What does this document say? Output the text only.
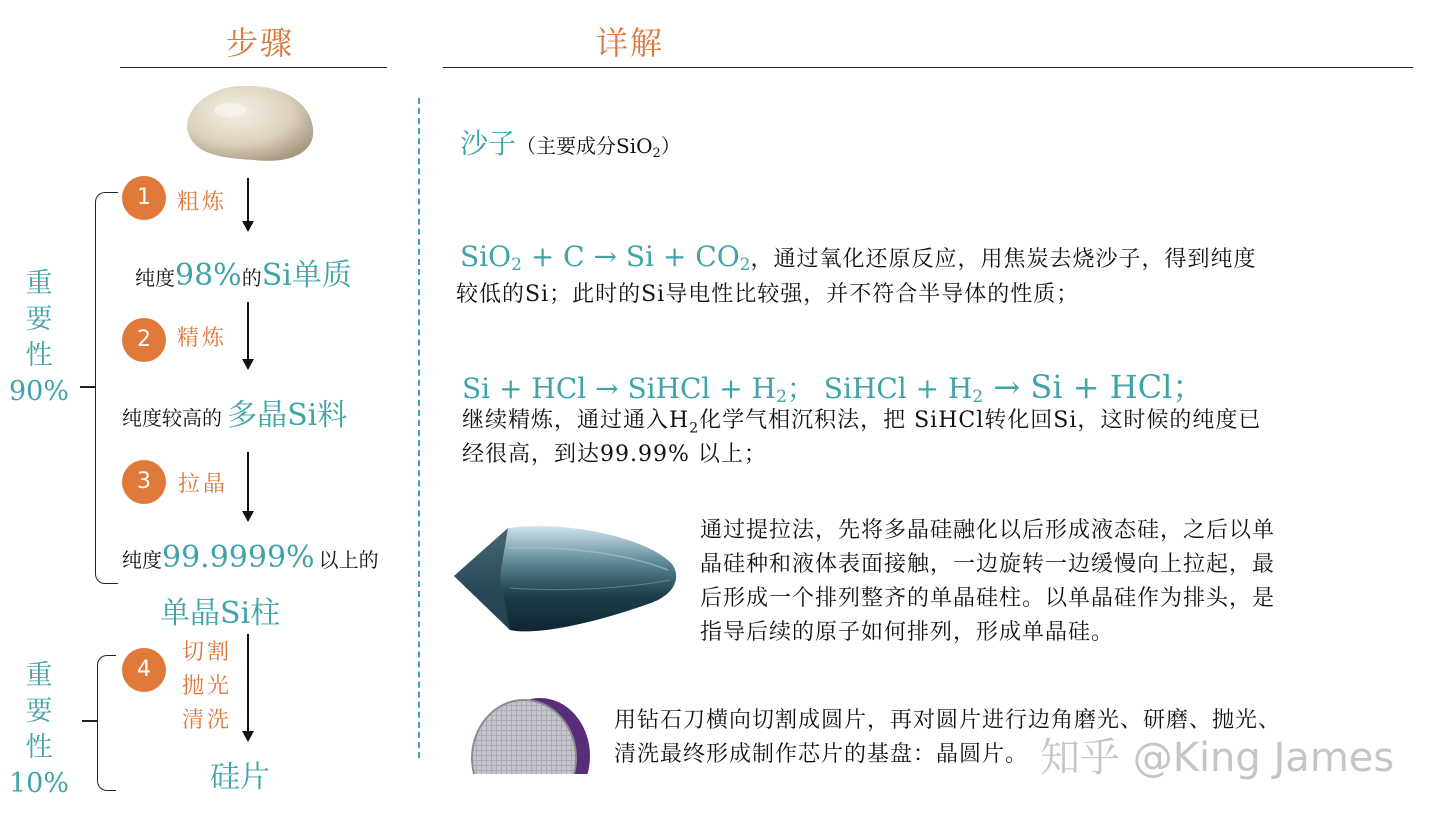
步骤	详解
1	粗炼
纯度98%的Si单质
2	精炼
纯度较高的 多晶Si料
3	拉晶
纯度99.9999% 以上的
单晶Si柱
4
切割
抛光
清洗
硅片
重
要
性
90%
重
要
性
10%
沙子（主要成分SiO$_2$）
$SiO_2 + C \to Si + CO_2$，通过氧化还原反应，用焦炭去烧沙子，得到纯度
较低的Si；此时的Si导电性比较强，并不符合半导体的性质；
Si + HCl → SiHCl + $H_2$； SiHCl + $H_2 \to Si$ + HCl；
继续精炼，通过通入$H_2$化学气相沉积法，把 SiHCl转化回Si，这时候的纯度已
经很高，到达99.99% 以上；
通过提拉法，先将多晶硅融化以后形成液态硅，之后以单
晶硅种和液体表面接触，一边旋转一边缓慢向上拉起，最
后形成一个排列整齐的单晶硅柱。以单晶硅作为排头，是
指导后续的原子如何排列，形成单晶硅。
用钻石刀横向切割成圆片，再对圆片进行边角磨光、研磨、抛光、
清洗最终形成制作芯片的基盘：晶圆片。 知乎 @King James
